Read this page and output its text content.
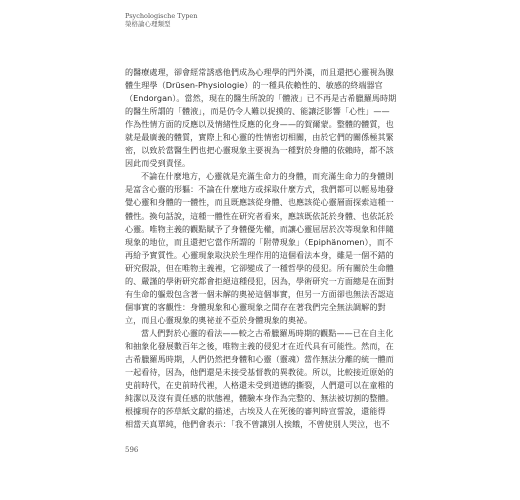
Psychologische Typen
榮格論心理類型
的醫療處理，卻會經常誘惑他們成為心理學的門外漢，而且還把心靈視為腺
體生理學（Drüsen-Physiologie）的一種具依賴性的、敏感的終端器官
（Endorgan）。當然，現在的醫生所說的「體液」已不再是古希臘羅馬時期
的醫生所謂的「體液」，而是仍令人難以捉摸的、能讓泛影響「心性」——
作為性情方面的反應以及情緒性反應的化身——的賀爾蒙。整體的體質，也
就是最廣義的體質，實際上和心靈的性情密切相關，由於它們的關係極其緊
密，以致於當醫生們也把心靈現象主要視為一種對於身體的依賴時，都不該
因此而受到責怪。
不論在什麼地方，心靈就是充滿生命力的身體，而充滿生命力的身體則
是富含心靈的形軀：不論在什麼地方或採取什麼方式，我們都可以輕易地發
覺心靈和身體的一體性，而且既應該從身體、也應該從心靈層面探索這種一
體性。換句話說，這種一體性在研究者看來，應該既依託於身體、也依託於
心靈。唯物主義的觀點賦予了身體優先權，而讓心靈屈居於次等現象和伴隨
現象的地位，而且還把它當作所謂的「附帶現象」（Epiphänomen），而不
再給予實質性。心靈現象取決於生理作用的這個看法本身，雖是一個不錯的
研究假設，但在唯物主義裡，它卻變成了一種哲學的侵犯。所有關於生命體
的、嚴謹的學術研究都會拒絕這種侵犯，因為，學術研究一方面總是在面對
有生命的軀殼包含著一個未解的奧祕這個事實，但另一方面卻也無法否認這
個事實的客觀性：身體現象和心靈現象之間存在著我們完全無法調解的對
立，而且心靈現象的奧祕並不亞於身體現象的奧祕。
當人們對於心靈的看法——較之古希臘羅馬時期的觀點——已在自主化
和抽象化發展數百年之後，唯物主義的侵犯才在近代具有可能性。然而，在
古希臘羅馬時期，人們仍然把身體和心靈（靈魂）當作無法分離的統一體而
一起看待，因為，他們還是未接受基督教的異教徒。所以，比較接近原始的
史前時代，在史前時代裡，人格還未受到道德的撕裂，人們還可以在童稚的
純潔以及沒有責任感的狀態裡，體驗本身作為完整的、無法被切割的整體。
根據現存的莎草紙文獻的描述，古埃及人在死後的審判時宣誓說，還能得
相當天真單純，他們會表示：「我不曾讓別人挨餓，不曾使別人哭泣，也不
596
